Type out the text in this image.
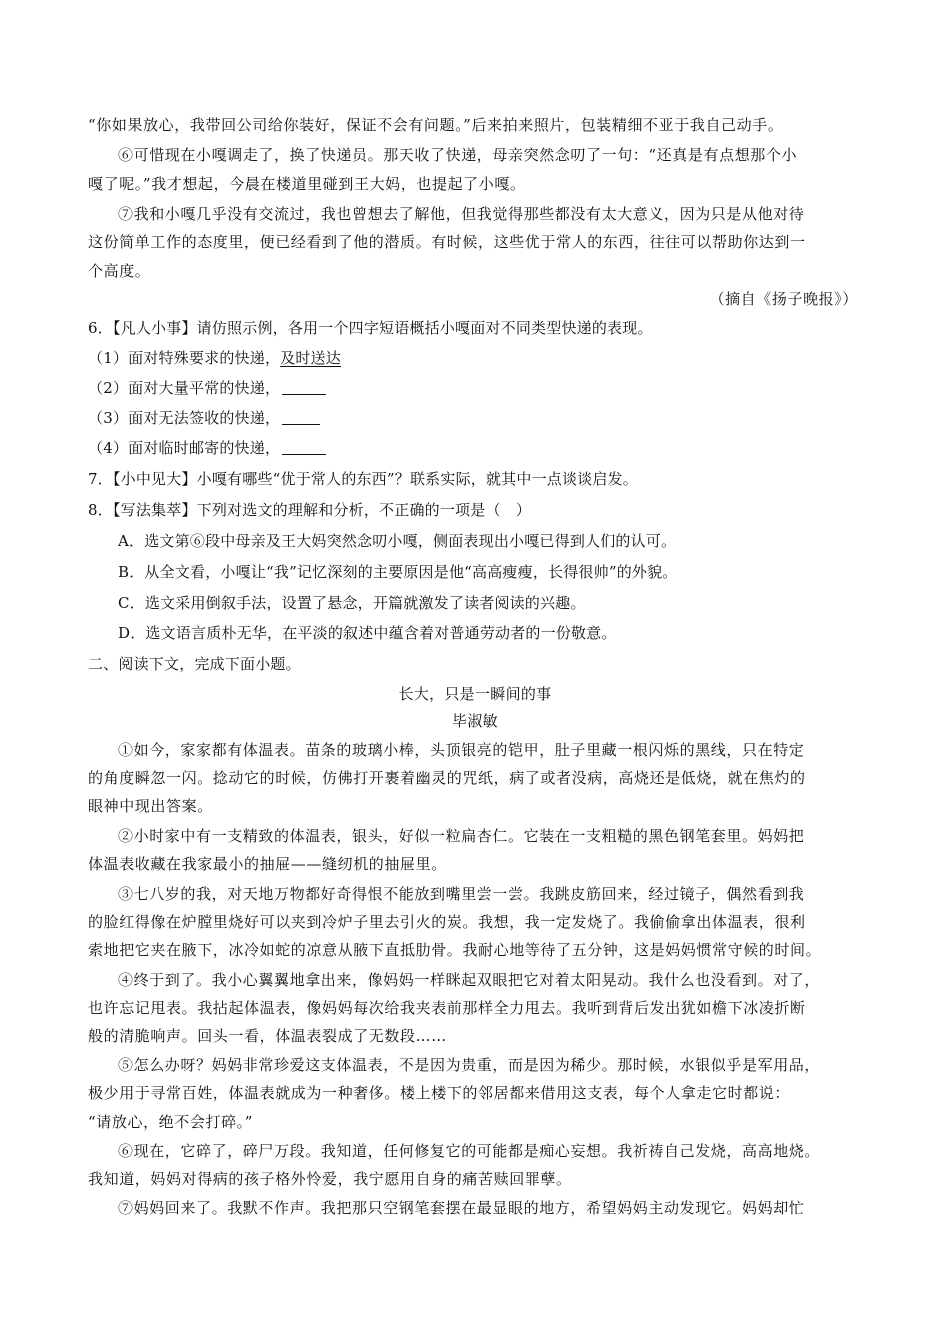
“你如果放心，我带回公司给你装好，保证不会有问题。”后来拍来照片，包装精细不亚于我自己动手。
⑥可惜现在小嘎调走了，换了快递员。那天收了快递，母亲突然念叨了一句：“还真是有点想那个小
嘎了呢。”我才想起，今晨在楼道里碰到王大妈，也提起了小嘎。
⑦我和小嘎几乎没有交流过，我也曾想去了解他，但我觉得那些都没有太大意义，因为只是从他对待
这份简单工作的态度里，便已经看到了他的潜质。有时候，这些优于常人的东西，往往可以帮助你达到一
个高度。
（摘自《扬子晚报》）
6．【凡人小事】请仿照示例，各用一个四字短语概括小嘎面对不同类型快递的表现。
（1）面对特殊要求的快递，及时送达
（2）面对大量平常的快递，
（3）面对无法签收的快递，
（4）面对临时邮寄的快递，
7．【小中见大】小嘎有哪些“优于常人的东西”？联系实际，就其中一点谈谈启发。
8．【写法集萃】下列对选文的理解和分析，不正确的一项是（　）
A．选文第⑥段中母亲及王大妈突然念叨小嘎，侧面表现出小嘎已得到人们的认可。
B．从全文看，小嘎让“我”记忆深刻的主要原因是他“高高瘦瘦，长得很帅”的外貌。
C．选文采用倒叙手法，设置了悬念，开篇就激发了读者阅读的兴趣。
D．选文语言质朴无华，在平淡的叙述中蕴含着对普通劳动者的一份敬意。
二、阅读下文，完成下面小题。
长大，只是一瞬间的事
毕淑敏
①如今，家家都有体温表。苗条的玻璃小棒，头顶银亮的铠甲，肚子里藏一根闪烁的黑线，只在特定
的角度瞬忽一闪。捻动它的时候，仿佛打开裹着幽灵的咒纸，病了或者没病，高烧还是低烧，就在焦灼的
眼神中现出答案。
②小时家中有一支精致的体温表，银头，好似一粒扁杏仁。它装在一支粗糙的黑色钢笔套里。妈妈把
体温表收藏在我家最小的抽屉——缝纫机的抽屉里。
③七八岁的我，对天地万物都好奇得恨不能放到嘴里尝一尝。我跳皮筋回来，经过镜子，偶然看到我
的脸红得像在炉膛里烧好可以夹到冷炉子里去引火的炭。我想，我一定发烧了。我偷偷拿出体温表，很利
索地把它夹在腋下，冰冷如蛇的凉意从腋下直抵肋骨。我耐心地等待了五分钟，这是妈妈惯常守候的时间。
④终于到了。我小心翼翼地拿出来，像妈妈一样眯起双眼把它对着太阳晃动。我什么也没看到。对了，
也许忘记甩表。我拈起体温表，像妈妈每次给我夹表前那样全力甩去。我听到背后发出犹如檐下冰凌折断
般的清脆响声。回头一看，体温表裂成了无数段……
⑤怎么办呀？妈妈非常珍爱这支体温表，不是因为贵重，而是因为稀少。那时候，水银似乎是军用品，
极少用于寻常百姓，体温表就成为一种奢侈。楼上楼下的邻居都来借用这支表，每个人拿走它时都说：
“请放心，绝不会打碎。”
⑥现在，它碎了，碎尸万段。我知道，任何修复它的可能都是痴心妄想。我祈祷自己发烧，高高地烧。
我知道，妈妈对得病的孩子格外怜爱，我宁愿用自身的痛苦赎回罪孽。
⑦妈妈回来了。我默不作声。我把那只空钢笔套摆在最显眼的地方，希望妈妈主动发现它。妈妈却忙
